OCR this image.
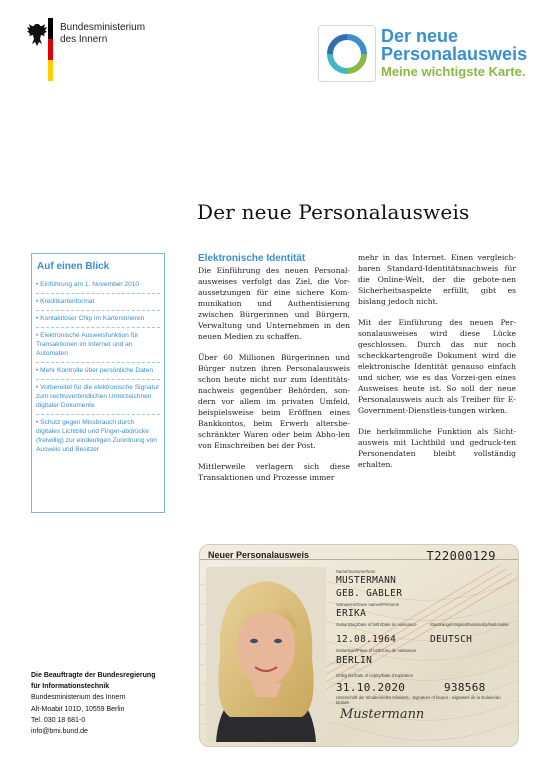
Bundesministerium
des Innern	Der neue
Personalausweis
Meine wichtigste Karte.
Der neue Personalausweis
Auf einen Blick
• Einführung am 1. November 2010
• Kreditkartenformat
• Kontaktloser Chip im Karteninneren
• Elektronische Ausweisfunktion für Transaktionen im Internet und an Automaten
• Mehr Kontrolle über persönliche Daten
• Vorbereitet für die elektronische Signatur zum rechtsverbindlichen Unterzeichnen digitaler Dokumente
• Schutz gegen Missbrauch durch digitales Lichtbild und Finger-abdrücke (freiwillig) zur eindeutigen Zuordnung von Ausweis und Besitzer
Elektronische Identität

Die Einführung des neuen Personal-ausweises verfolgt das Ziel, die Vor-aussetzungen für eine sichere Kom-munikation und Authentisierung zwischen Bürgerinnen und Bürgern, Verwaltung und Unternehmen in den neuen Medien zu schaffen.

Über 60 Millionen Bürgerinnen und Bürger nutzen ihren Personalausweis schon heute nicht nur zum Identitäts-nachweis gegenüber Behörden, son-dern vor allem im privaten Umfeld, beispielsweise beim Eröffnen eines Bankkontos, beim Erwerb altersbe-schränkter Waren oder beim Abho-len von Einschreiben bei der Post.

Mittlerweile verlagern sich diese Transaktionen und Prozesse immer

mehr in das Internet. Einen vergleich-baren Standard-Identitätsnachweis für die Online-Welt, der die gebote-nen Sicherheitsaspekte erfüllt, gibt es bislang jedoch nicht.

Mit der Einführung des neuen Per-sonalausweises wird diese Lücke geschlossen. Durch das nur noch scheckkartengroße Dokument wird die elektronische Identität genauso einfach und sicher, wie es das Vorzei-gen eines Ausweises heute ist. So soll der neue Personalausweis auch als Treiber für E-Government-Dienstleis-tungen wirken.

Die herkömmliche Funktion als Sicht-ausweis mit Lichtbild und gedruck-ten Personendaten bleibt vollständig erhalten.

Neuer Personalausweis	T22000129
Name/Surname/Nom
MUSTERMANN
GEB. GABLER
Vornamen/Given names/Prénoms
ERIKA
Geburtstag/Date of birth/Date de naissance	Staatsangehörigkeit/Nationality/Nationalité
12.08.1964	DEUTSCH
Geburtsort/Place of birth/Lieu de naissance
BERLIN
Gültig bis/Date of expiry/Date d'expiration
31.10.2020	938568
Unterschrift der Inhaberin/des Inhabers - Signature of bearer - Signature de la titulaire/du titulaire
Mustermann
Die Beauftragte der Bundesregierung
für Informationstechnik
Bundesministerium des Innern
Alt-Moabit 101D, 10559 Berlin
Tel. 030 18 681-0
info@bmi.bund.de
